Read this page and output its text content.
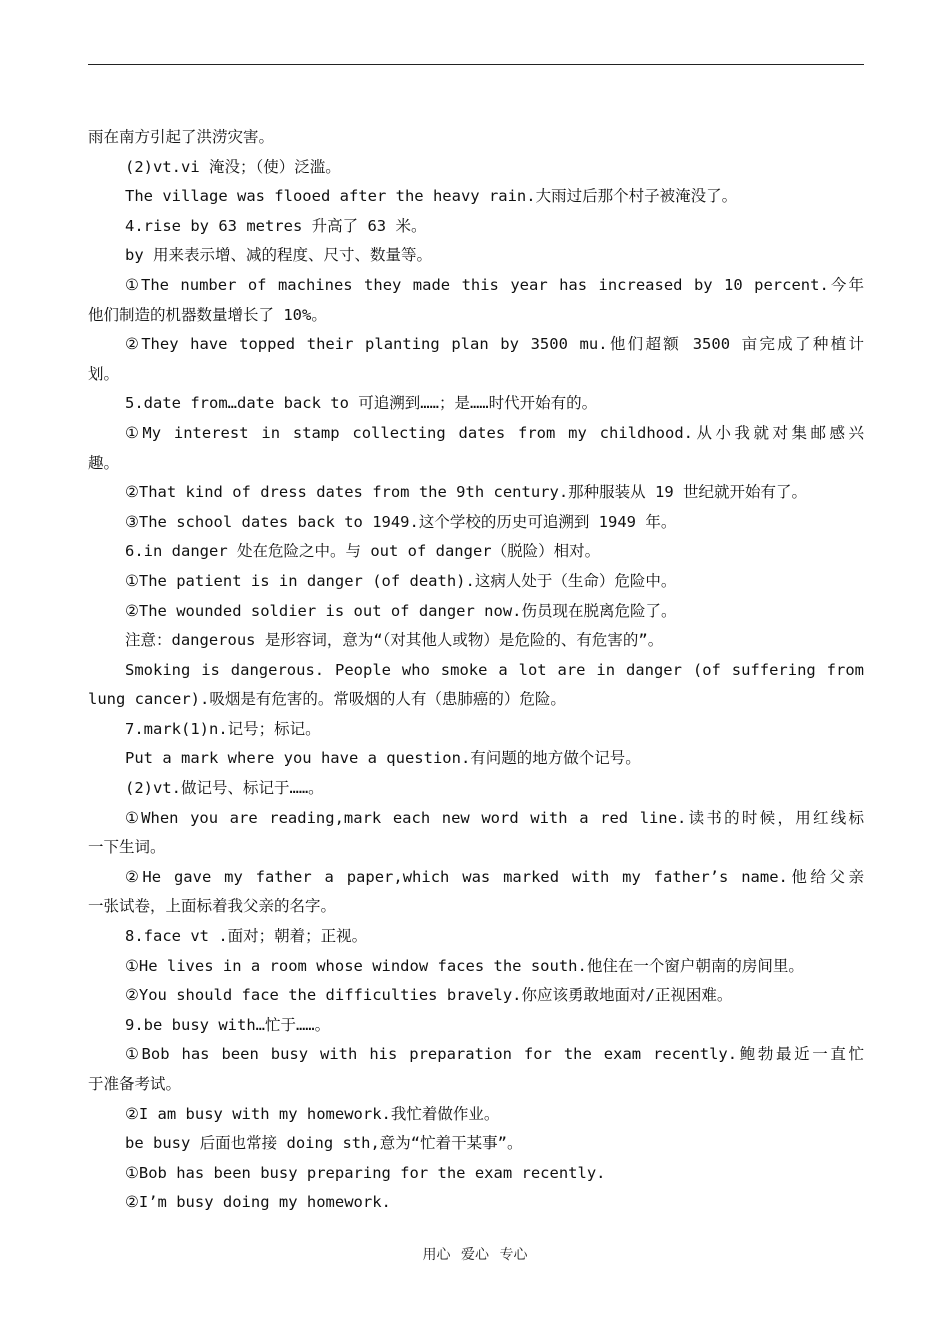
雨在南方引起了洪涝灾害。
(2)vt.vi 淹没；（使）泛滥。
The village was flooed after the heavy rain.大雨过后那个村子被淹没了。
4.rise by 63 metres 升高了 63 米。
by 用来表示增、减的程度、尺寸、数量等。
①The number of machines they made this year has increased by 10 percent.今年
他们制造的机器数量增长了 10%。
②They have topped their planting plan by 3500 mu.他们超额 3500 亩完成了种植计
划。
5.date from…date back to 可追溯到……；是……时代开始有的。
①My interest in stamp collecting dates from my childhood.从小我就对集邮感兴
趣。
②That kind of dress dates from the 9th century.那种服装从 19 世纪就开始有了。
③The school dates back to 1949.这个学校的历史可追溯到 1949 年。
6.in danger 处在危险之中。与 out of danger（脱险）相对。
①The patient is in danger (of death).这病人处于（生命）危险中。
②The wounded soldier is out of danger now.伤员现在脱离危险了。
注意：dangerous 是形容词，意为“（对其他人或物）是危险的、有危害的”。
Smoking is dangerous. People who smoke a lot are in danger (of suffering from
lung cancer).吸烟是有危害的。常吸烟的人有（患肺癌的）危险。
7.mark(1)n.记号；标记。
Put a mark where you have a question.有问题的地方做个记号。
(2)vt.做记号、标记于……。
①When you are reading,mark each new word with a red line.读书的时候，用红线标
一下生词。
②He gave my father a paper,which was marked with my father’s name.他给父亲
一张试卷，上面标着我父亲的名字。
8.face vt .面对；朝着；正视。
①He lives in a room whose window faces the south.他住在一个窗户朝南的房间里。
②You should face the difficulties bravely.你应该勇敢地面对/正视困难。
9.be busy with…忙于……。
①Bob has been busy with his preparation for the exam recently.鲍勃最近一直忙
于准备考试。
②I am busy with my homework.我忙着做作业。
be busy 后面也常接 doing sth,意为“忙着干某事”。
①Bob has been busy preparing for the exam recently.
②I’m busy doing my homework.
用心 爱心 专心
